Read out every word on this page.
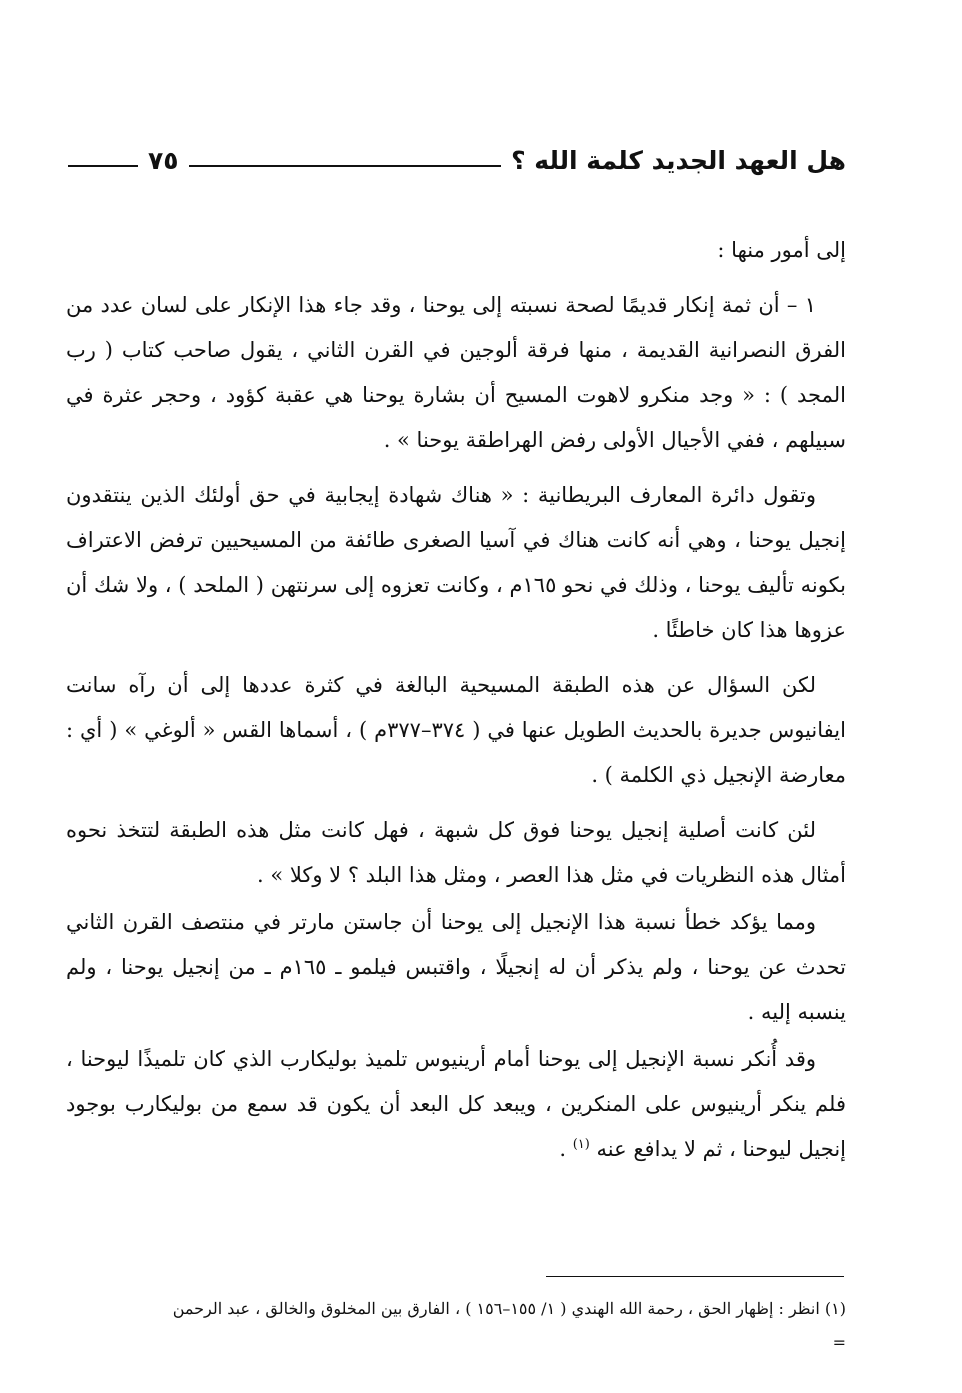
هل العهد الجديد كلمة الله ؟
٧٥

إلى أمور منها :

١ – أن ثمة إنكار قديمًا لصحة نسبته إلى يوحنا ، وقد جاء هذا الإنكار على لسان عدد من الفرق النصرانية القديمة ، منها فرقة ألوجين في القرن الثاني ، يقول صاحب كتاب ( رب المجد ) : « وجد منكرو لاهوت المسيح أن بشارة يوحنا هي عقبة كؤود ، وحجر عثرة في سبيلهم ، ففي الأجيال الأولى رفض الهراطقة يوحنا » .

وتقول دائرة المعارف البريطانية : « هناك شهادة إيجابية في حق أولئك الذين ينتقدون إنجيل يوحنا ، وهي أنه كانت هناك في آسيا الصغرى طائفة من المسيحيين ترفض الاعتراف بكونه تأليف يوحنا ، وذلك في نحو ١٦٥م ، وكانت تعزوه إلى سرنتهن ( الملحد ) ، ولا شك أن عزوها هذا كان خاطئًا .

لكن السؤال عن هذه الطبقة المسيحية البالغة في كثرة عددها إلى أن رآه سانت ايفانيوس جديرة بالحديث الطويل عنها في ( ٣٧٤–٣٧٧م ) ، أسماها القس « ألوغي » ( أي : معارضة الإنجيل ذي الكلمة ) .

لئن كانت أصلية إنجيل يوحنا فوق كل شبهة ، فهل كانت مثل هذه الطبقة لتتخذ نحوه أمثال هذه النظريات في مثل هذا العصر ، ومثل هذا البلد ؟ لا وكلا » .

ومما يؤكد خطأ نسبة هذا الإنجيل إلى يوحنا أن جاستن مارتر في منتصف القرن الثاني تحدث عن يوحنا ، ولم يذكر أن له إنجيلًا ، واقتبس فيلمو ـ ١٦٥م ـ من إنجيل يوحنا ، ولم ينسبه إليه .

وقد أُنكر نسبة الإنجيل إلى يوحنا أمام أرينيوس تلميذ بوليكارب الذي كان تلميذًا ليوحنا ، فلم ينكر أرينيوس على المنكرين ، ويبعد كل البعد أن يكون قد سمع من بوليكارب بوجود إنجيل ليوحنا ، ثم لا يدافع عنه $^{(١)}$ .

(١) انظر : إظهار الحق ، رحمة الله الهندي ( ١/ ١٥٥–١٥٦ ) ، الفارق بين المخلوق والخالق ، عبد الرحمن

=
